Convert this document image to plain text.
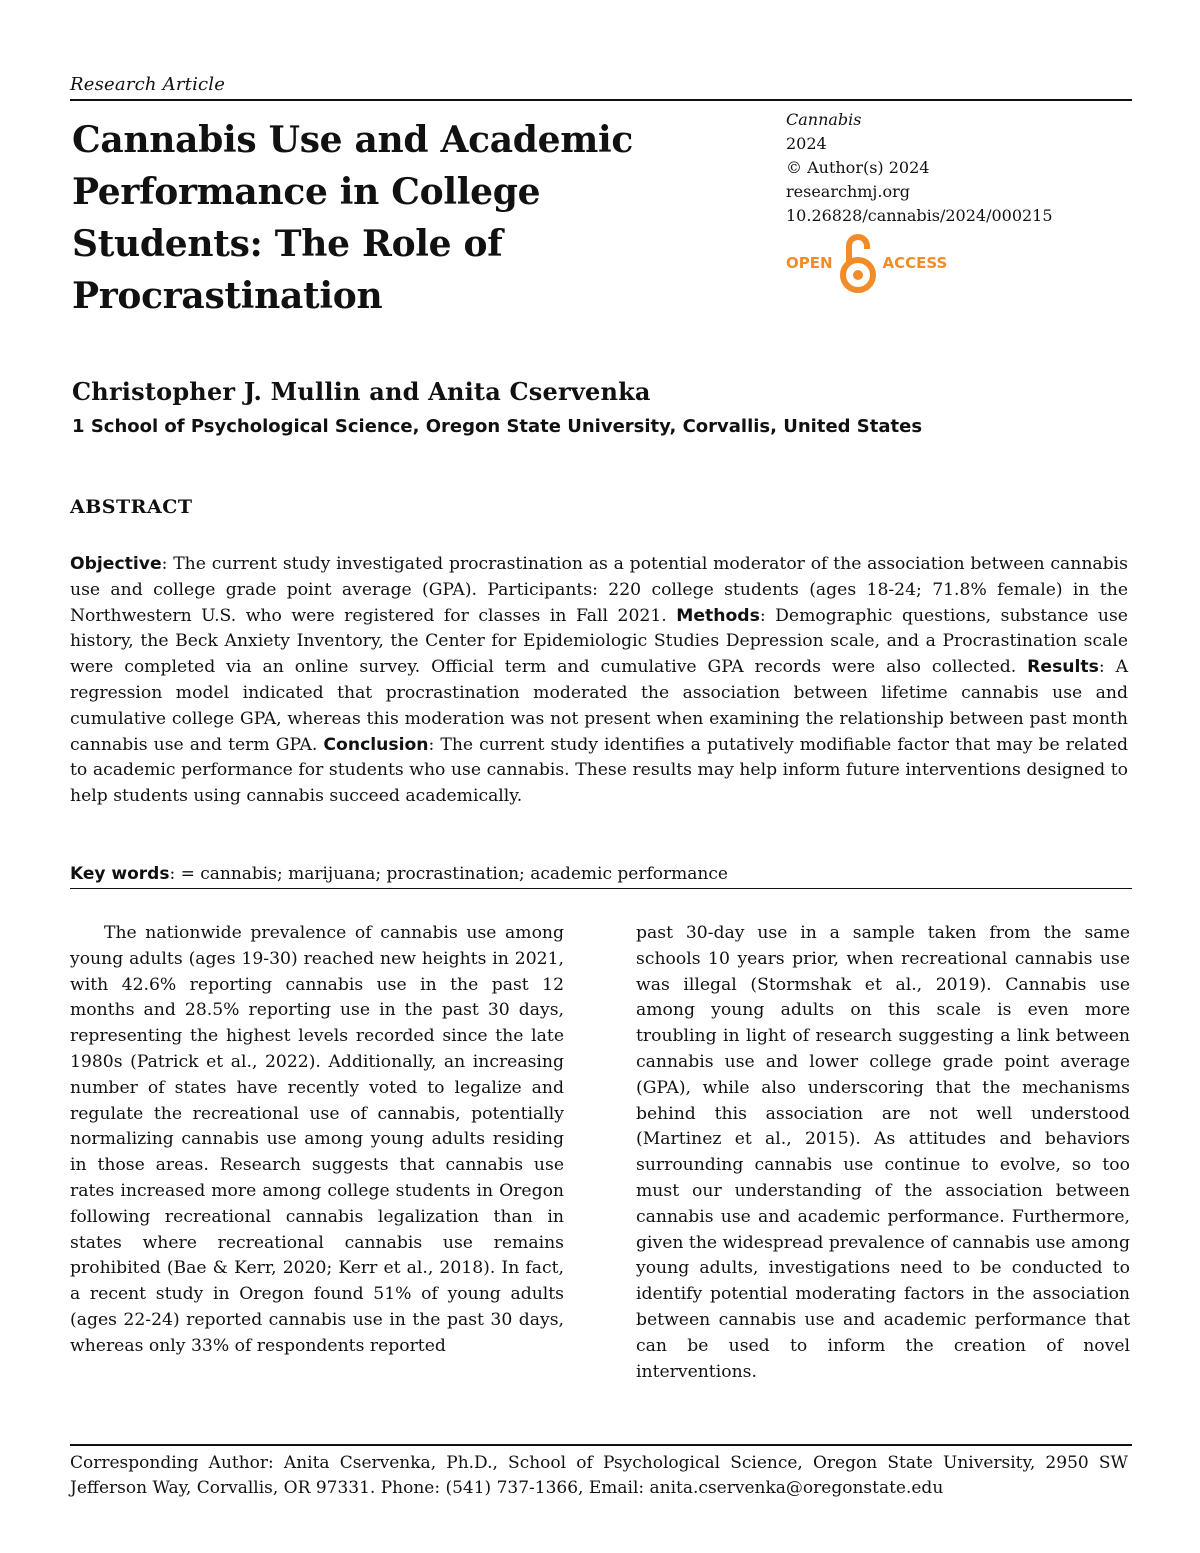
Research Article
Cannabis Use and Academic Performance in College Students: The Role of Procrastination
Cannabis
2024
© Author(s) 2024
researchmj.org
10.26828/cannabis/2024/000215
OPEN	ACCESS
Christopher J. Mullin and Anita Cservenka
1 School of Psychological Science, Oregon State University, Corvallis, United States
ABSTRACT
Objective: The current study investigated procrastination as a potential moderator of the association between cannabis use and college grade point average (GPA). Participants: 220 college students (ages 18-24; 71.8% female) in the Northwestern U.S. who were registered for classes in Fall 2021. Methods: Demographic questions, substance use history, the Beck Anxiety Inventory, the Center for Epidemiologic Studies Depression scale, and a Procrastination scale were completed via an online survey. Official term and cumulative GPA records were also collected. Results: A regression model indicated that procrastination moderated the association between lifetime cannabis use and cumulative college GPA, whereas this moderation was not present when examining the relationship between past month cannabis use and term GPA. Conclusion: The current study identifies a putatively modifiable factor that may be related to academic performance for students who use cannabis. These results may help inform future interventions designed to help students using cannabis succeed academically.
Key words: = cannabis; marijuana; procrastination; academic performance

The nationwide prevalence of cannabis use among young adults (ages 19-30) reached new heights in 2021, with 42.6% reporting cannabis use in the past 12 months and 28.5% reporting use in the past 30 days, representing the highest levels recorded since the late 1980s (Patrick et al., 2022). Additionally, an increasing number of states have recently voted to legalize and regulate the recreational use of cannabis, potentially normalizing cannabis use among young adults residing in those areas. Research suggests that cannabis use rates increased more among college students in Oregon following recreational cannabis legalization than in states where recreational cannabis use remains prohibited (Bae & Kerr, 2020; Kerr et al., 2018). In fact, a recent study in Oregon found 51% of young adults (ages 22-24) reported cannabis use in the past 30 days, whereas only 33% of respondents reported

past 30-day use in a sample taken from the same schools 10 years prior, when recreational cannabis use was illegal (Stormshak et al., 2019). Cannabis use among young adults on this scale is even more troubling in light of research suggesting a link between cannabis use and lower college grade point average (GPA), while also underscoring that the mechanisms behind this association are not well understood (Martinez et al., 2015). As attitudes and behaviors surrounding cannabis use continue to evolve, so too must our understanding of the association between cannabis use and academic performance. Furthermore, given the widespread prevalence of cannabis use among young adults, investigations need to be conducted to identify potential moderating factors in the association between cannabis use and academic performance that can be used to inform the creation of novel interventions.

Corresponding Author: Anita Cservenka, Ph.D., School of Psychological Science, Oregon State University, 2950 SW Jefferson Way, Corvallis, OR 97331. Phone: (541) 737-1366, Email: anita.cservenka@oregonstate.edu
